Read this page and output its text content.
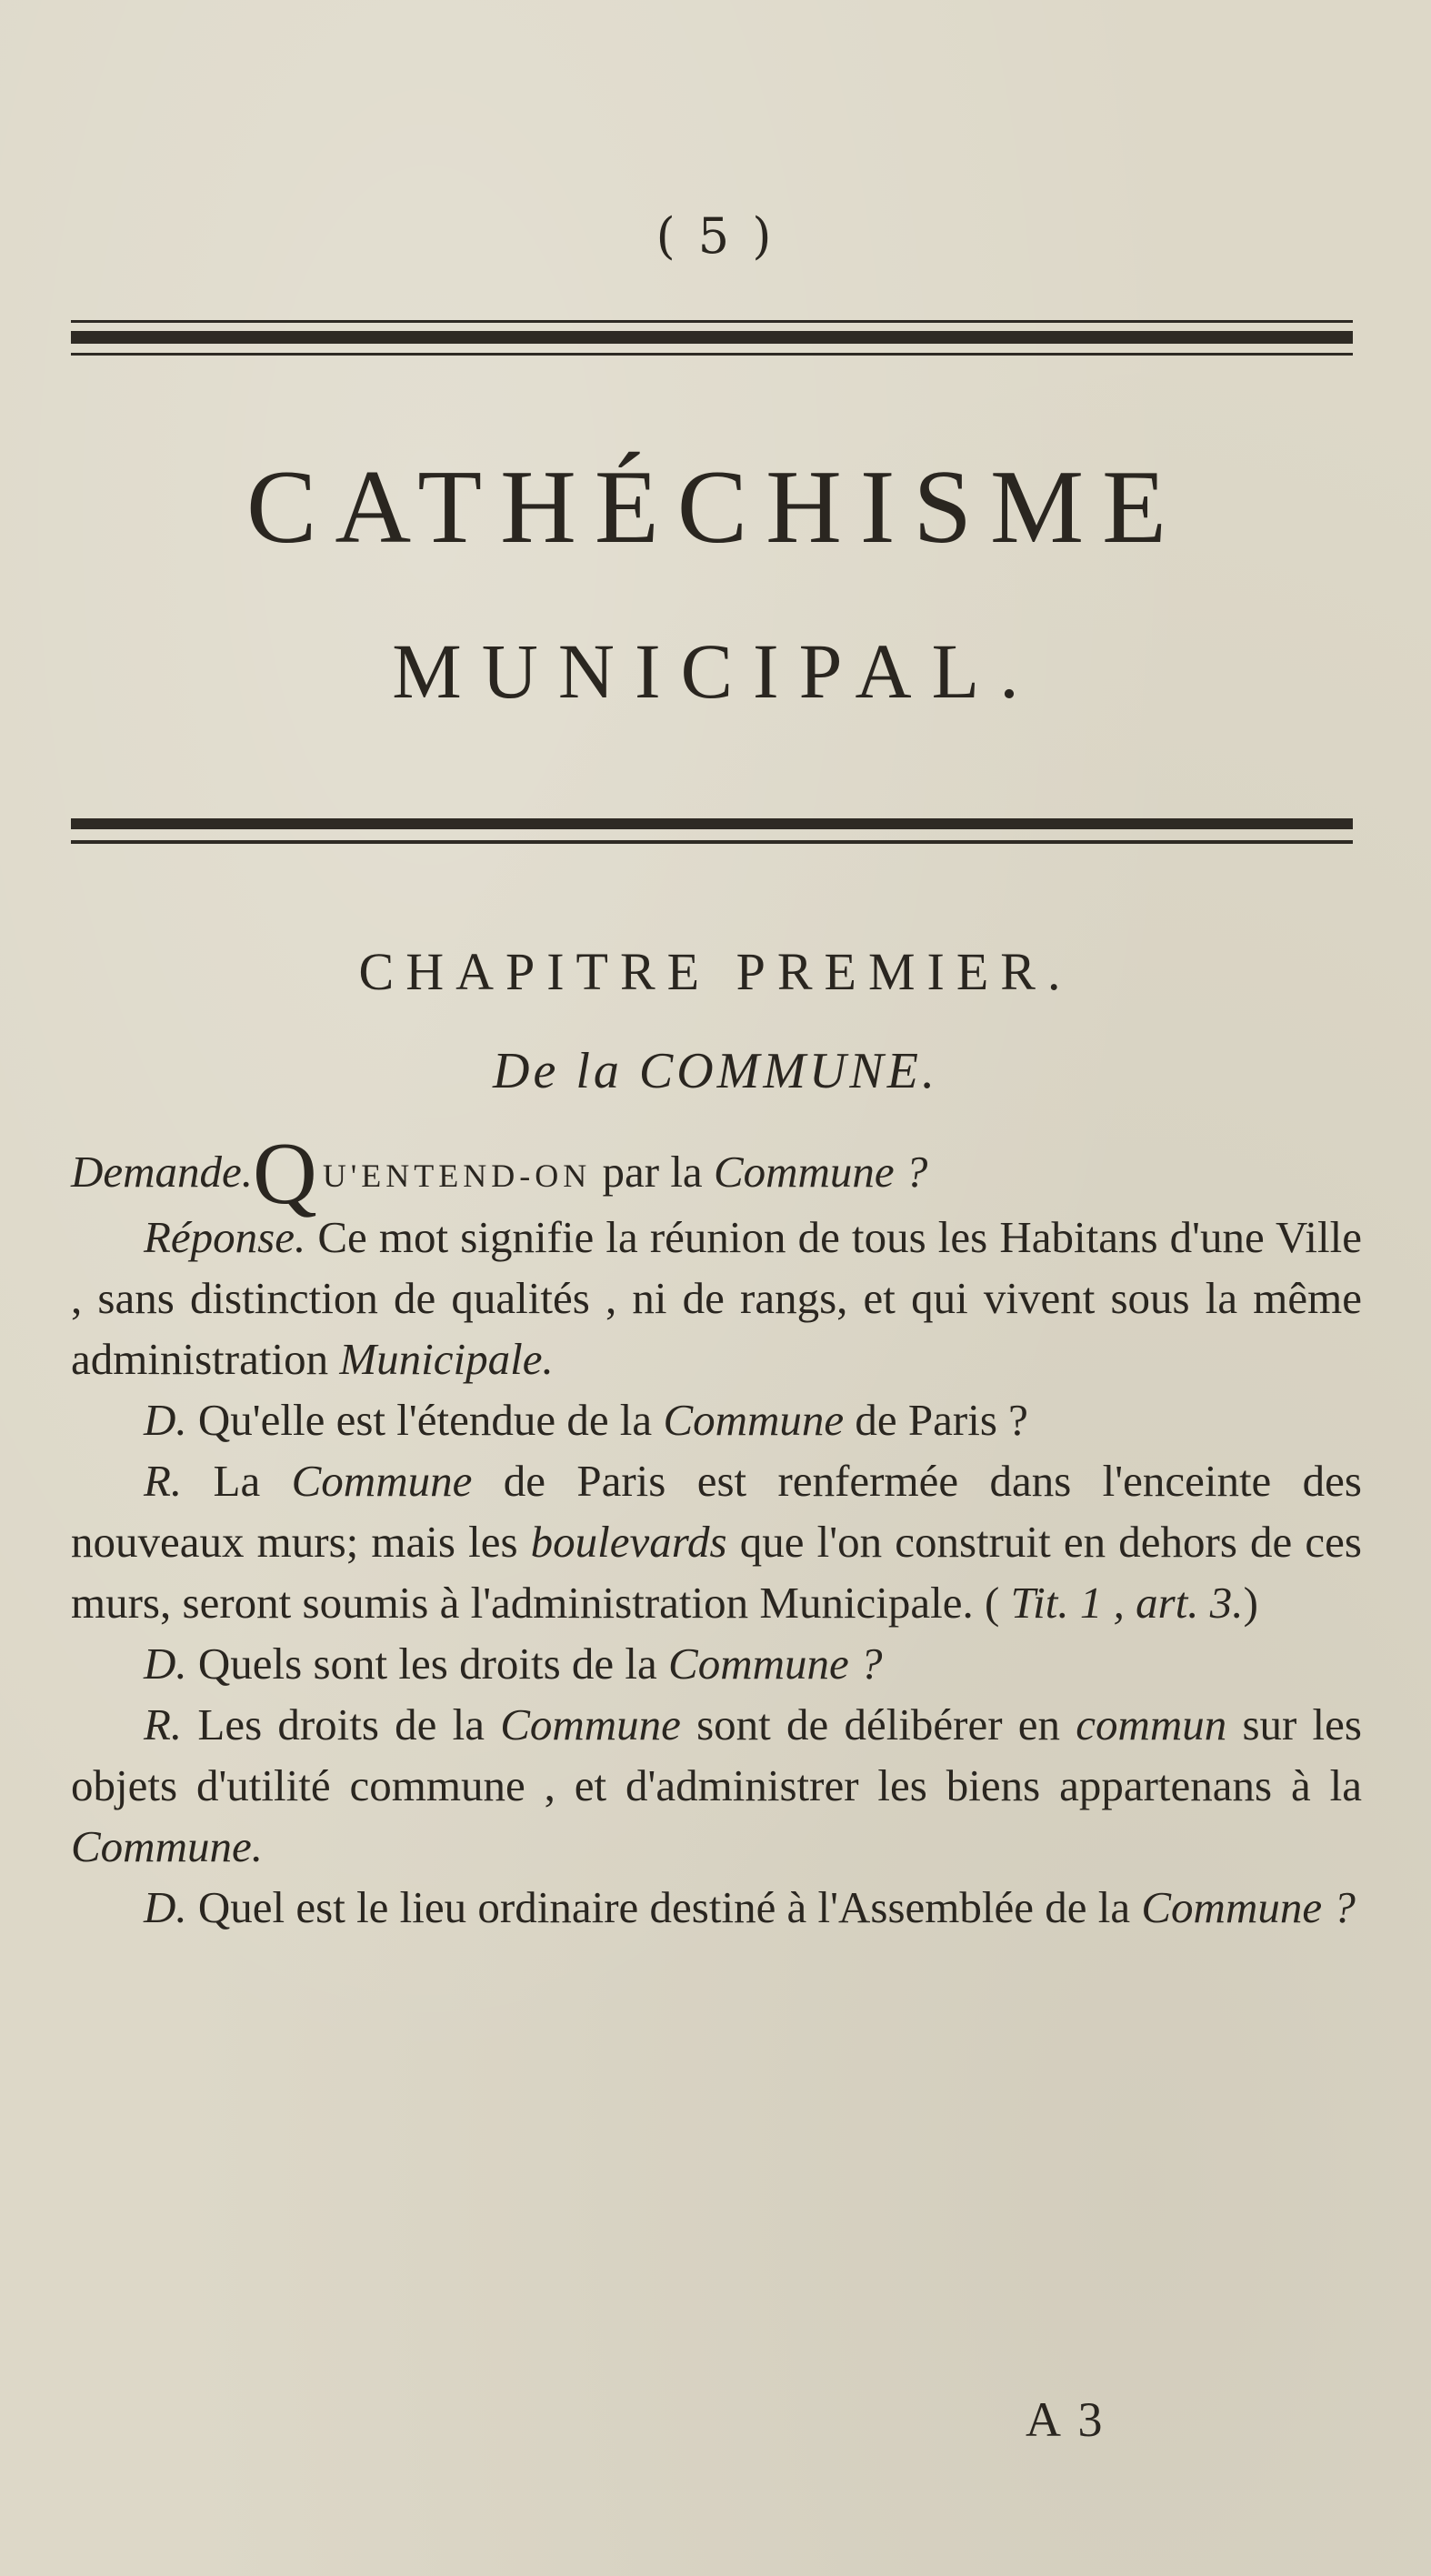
( 5 )
CATHÉCHISME
MUNICIPAL.
CHAPITRE PREMIER.
De la COMMUNE.

Demande.Q U'ENTEND-ON par la Commune ?

Réponse. Ce mot signifie la réunion de tous les Habitans d'une Ville , sans distinction de qualités , ni de rangs, et qui vivent sous la même administration Municipale.

D. Qu'elle est l'étendue de la Commune de Paris ?

R. La Commune de Paris est renfermée dans l'enceinte des nouveaux murs; mais les boulevards que l'on construit en dehors de ces murs, seront soumis à l'administration Municipale. ( Tit. 1 , art. 3.)

D. Quels sont les droits de la Commune ?

R. Les droits de la Commune sont de délibérer en commun sur les objets d'utilité commune , et d'administrer les biens appartenans à la Commune.

D. Quel est le lieu ordinaire destiné à l'Assemblée de la Commune ?

A 3
